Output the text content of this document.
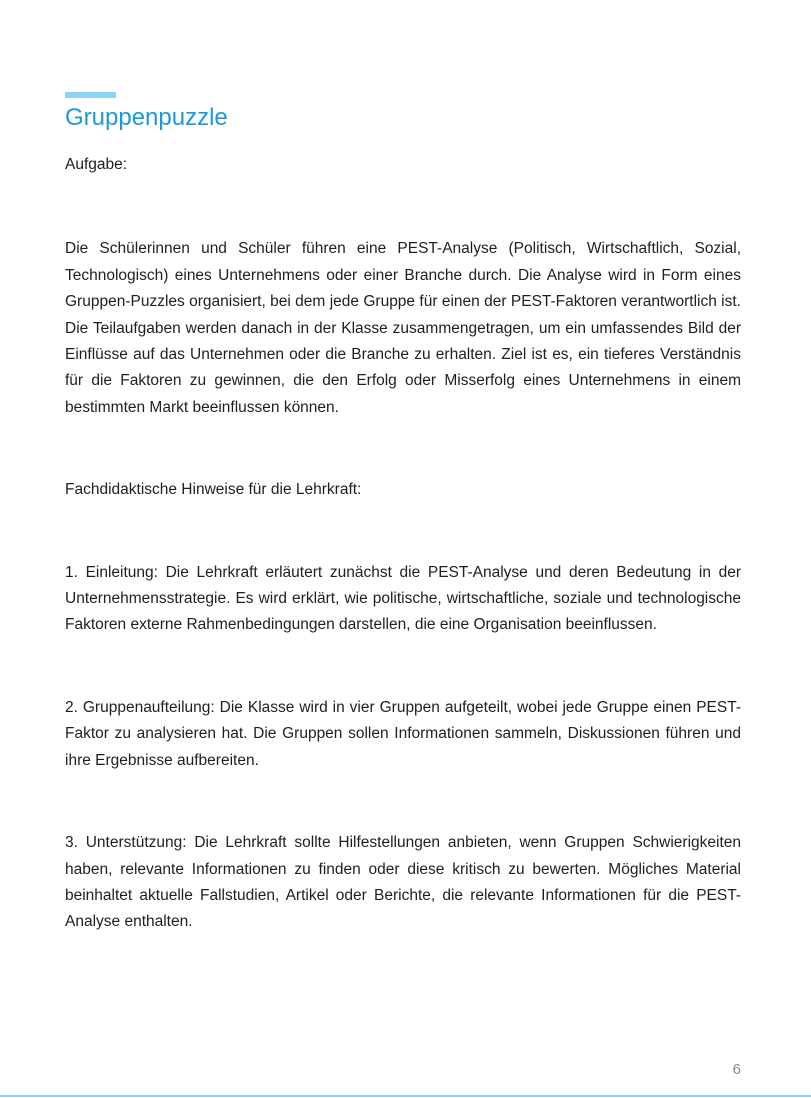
Gruppenpuzzle

Aufgabe:

Die Schülerinnen und Schüler führen eine PEST-Analyse (Politisch, Wirtschaftlich, Sozial, Technologisch) eines Unternehmens oder einer Branche durch. Die Analyse wird in Form eines Gruppen-Puzzles organisiert, bei dem jede Gruppe für einen der PEST-Faktoren verantwortlich ist. Die Teilaufgaben werden danach in der Klasse zusammengetragen, um ein umfassendes Bild der Einflüsse auf das Unternehmen oder die Branche zu erhalten. Ziel ist es, ein tieferes Verständnis für die Faktoren zu gewinnen, die den Erfolg oder Misserfolg eines Unternehmens in einem bestimmten Markt beeinflussen können.

Fachdidaktische Hinweise für die Lehrkraft:

1. Einleitung: Die Lehrkraft erläutert zunächst die PEST-Analyse und deren Bedeutung in der Unternehmensstrategie. Es wird erklärt, wie politische, wirtschaftliche, soziale und technologische Faktoren externe Rahmenbedingungen darstellen, die eine Organisation beeinflussen.

2. Gruppenaufteilung: Die Klasse wird in vier Gruppen aufgeteilt, wobei jede Gruppe einen PEST-Faktor zu analysieren hat. Die Gruppen sollen Informationen sammeln, Diskussionen führen und ihre Ergebnisse aufbereiten.

3. Unterstützung: Die Lehrkraft sollte Hilfestellungen anbieten, wenn Gruppen Schwierigkeiten haben, relevante Informationen zu finden oder diese kritisch zu bewerten. Mögliches Material beinhaltet aktuelle Fallstudien, Artikel oder Berichte, die relevante Informationen für die PEST-Analyse enthalten.

6
